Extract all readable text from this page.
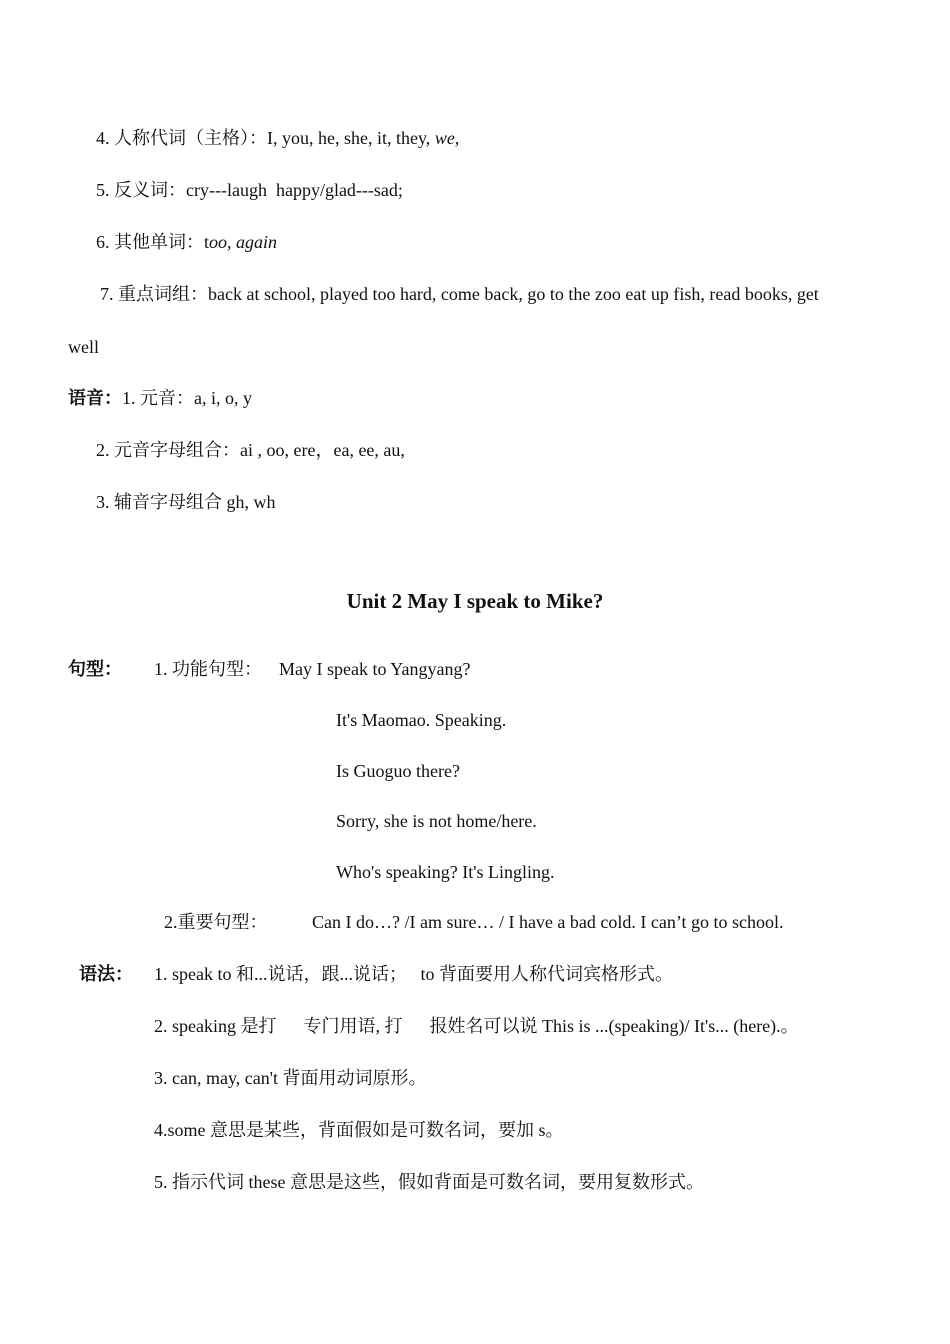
4. 人称代词（主格）：I, you, he, she, it, they, we,
5. 反义词：cry---laugh  happy/glad---sad;
6. 其他单词：too, again
7. 重点词组：back at school, played too hard, come back, go to the zoo eat up fish, read books, get
well
语音：1. 元音：a, i, o, y
2. 元音字母组合：ai , oo, ere，ea, ee, au,
3. 辅音字母组合 gh, wh
Unit 2 May I speak to Mike?
句型： 1. 功能句型： May I speak to Yangyang?
It's Maomao. Speaking.
Is Guoguo there?
Sorry, she is not home/here.
Who's speaking? It's Lingling.
2.重要句型： Can I do…? /I am sure… / I have a bad cold. I can’t go to school.
语法： 1. speak to 和...说话，跟...说话；   to 背面要用人称代词宾格形式。
2. speaking 是打      专门用语, 打      报姓名可以说 This is ...(speaking)/ It's... (here).。
3. can, may, can't 背面用动词原形。
4.some 意思是某些，背面假如是可数名词，要加 s。
5. 指示代词 these 意思是这些，假如背面是可数名词，要用复数形式。
